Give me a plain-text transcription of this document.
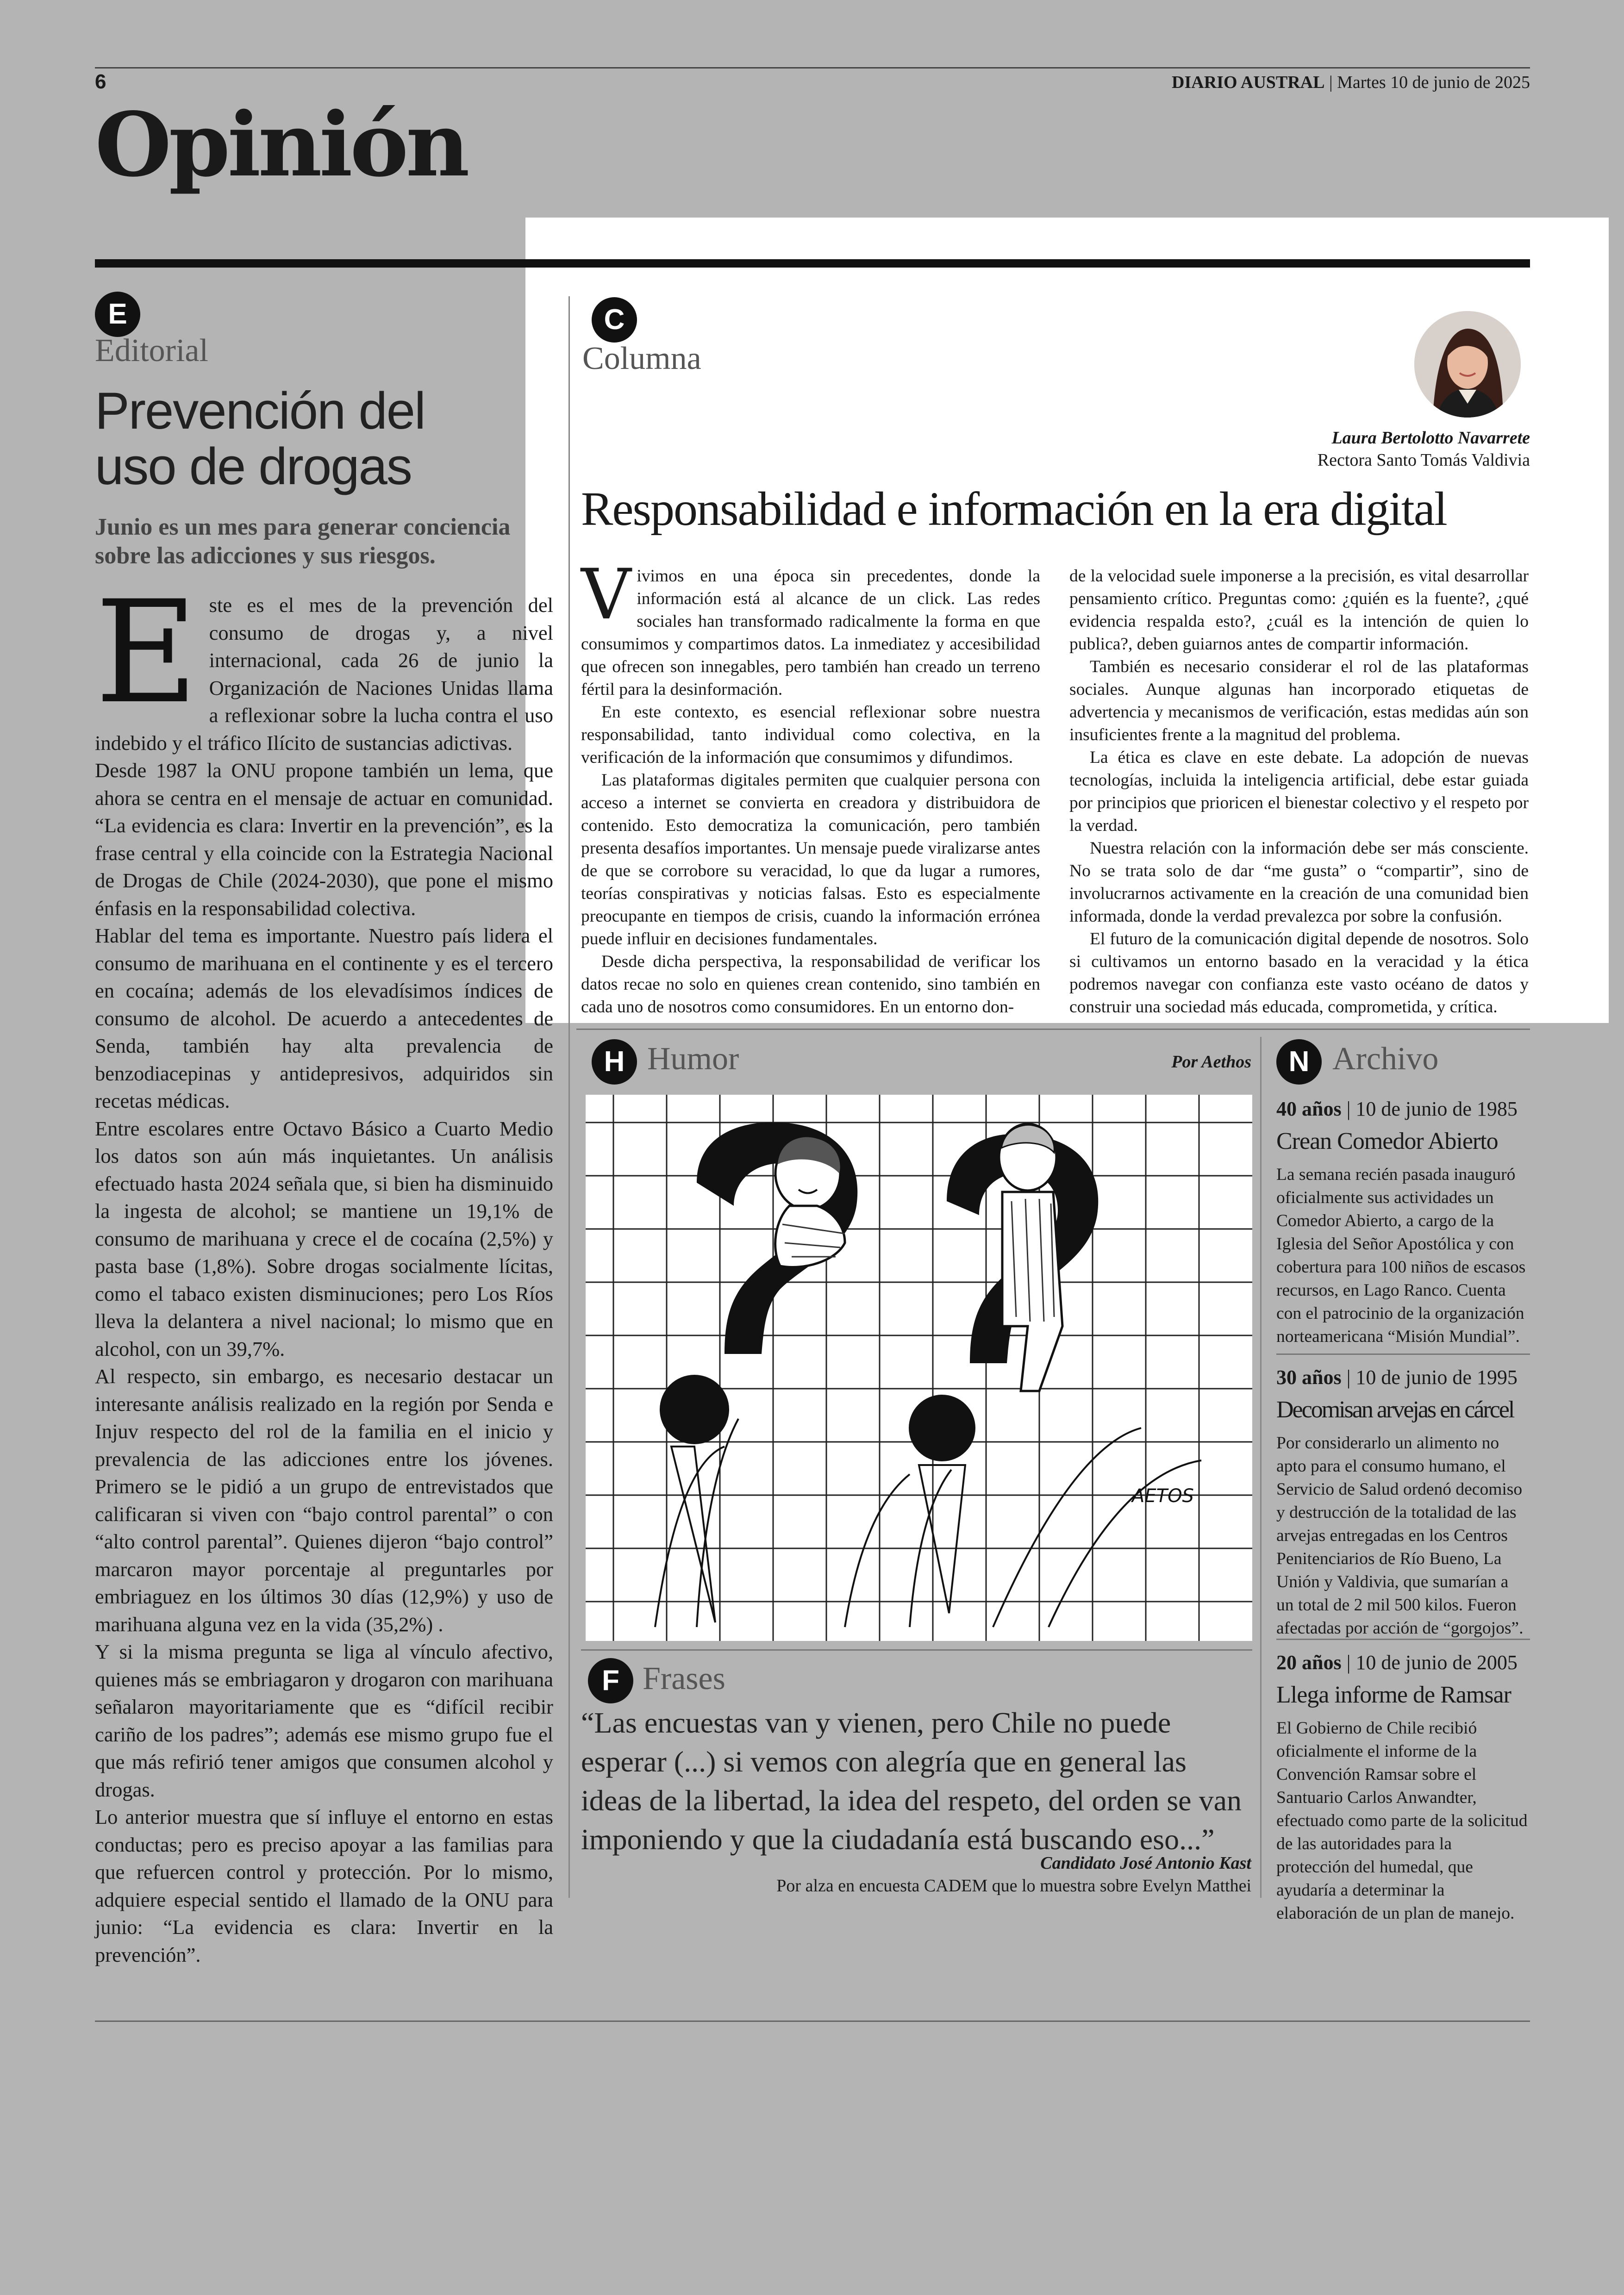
6	DIARIO AUSTRAL | Martes 10 de junio de 2025
Opinión
E
Editorial
Prevención del
uso de drogas
Junio es un mes para generar conciencia sobre las adicciones y sus riesgos.

Este es el mes de la prevención del consumo de drogas y, a nivel internacional, cada 26 de junio la Organización de Naciones Unidas llama a reflexionar sobre la lucha contra el uso indebido y el tráfico Ilícito de sustancias adictivas.

Desde 1987 la ONU propone también un lema, que ahora se centra en el mensaje de actuar en comunidad. “La evidencia es clara: Invertir en la prevención”, es la frase central y ella coincide con la Estrategia Nacional de Drogas de Chile (2024-2030), que pone el mismo énfasis en la responsabilidad colectiva.

Hablar del tema es importante. Nuestro país lidera el consumo de marihuana en el continente y es el tercero en cocaína; además de los elevadísimos índices de consumo de alcohol. De acuerdo a antecedentes de Senda, también hay alta prevalencia de benzodiacepinas y antidepresivos, adquiridos sin recetas médicas.

Entre escolares entre Octavo Básico a Cuarto Medio los datos son aún más inquietantes. Un análisis efectuado hasta 2024 señala que, si bien ha disminuido la ingesta de alcohol; se mantiene un 19,1% de consumo de marihuana y crece el de cocaína (2,5%) y pasta base (1,8%). Sobre drogas socialmente lícitas, como el tabaco existen disminuciones; pero Los Ríos lleva la delantera a nivel nacional; lo mismo que en alcohol, con un 39,7%.

Al respecto, sin embargo, es necesario destacar un interesante análisis realizado en la región por Senda e Injuv respecto del rol de la familia en el inicio y prevalencia de las adicciones entre los jóvenes. Primero se le pidió a un grupo de entrevistados que calificaran si viven con “bajo control parental” o con “alto control parental”. Quienes dijeron “bajo control” marcaron mayor porcentaje al preguntarles por embriaguez en los últimos 30 días (12,9%) y uso de marihuana alguna vez en la vida (35,2%) .

Y si la misma pregunta se liga al vínculo afectivo, quienes más se embriagaron y drogaron con marihuana señalaron mayoritariamente que es “difícil recibir cariño de los padres”; además ese mismo grupo fue el que más refirió tener amigos que consumen alcohol y drogas.

Lo anterior muestra que sí influye el entorno en estas conductas; pero es preciso apoyar a las familias para que refuercen control y protección. Por lo mismo, adquiere especial sentido el llamado de la ONU para junio: “La evidencia es clara: Invertir en la prevención”.

C
Columna
Laura Bertolotto Navarrete
Rectora Santo Tomás Valdivia
Responsabilidad e información en la era digital

Vivimos en una época sin precedentes, donde la información está al alcance de un click. Las redes sociales han transformado radicalmente la forma en que consumimos y compartimos datos. La inmediatez y accesibilidad que ofrecen son innegables, pero también han creado un terreno fértil para la desinformación.

En este contexto, es esencial reflexionar sobre nuestra responsabilidad, tanto individual como colectiva, en la verificación de la información que consumimos y difundimos.

Las plataformas digitales permiten que cualquier persona con acceso a internet se convierta en creadora y distribuidora de contenido. Esto democratiza la comunicación, pero también presenta desafíos importantes. Un mensaje puede viralizarse antes de que se corrobore su veracidad, lo que da lugar a rumores, teorías conspirativas y noticias falsas. Esto es especialmente preocupante en tiempos de crisis, cuando la información errónea puede influir en decisiones fundamentales.

Desde dicha perspectiva, la responsabilidad de verificar los datos recae no solo en quienes crean contenido, sino también en cada uno de nosotros como consumidores. En un entorno don-

de la velocidad suele imponerse a la precisión, es vital desarrollar pensamiento crítico. Preguntas como: ¿quién es la fuente?, ¿qué evidencia respalda esto?, ¿cuál es la intención de quien lo publica?, deben guiarnos antes de compartir información.

También es necesario considerar el rol de las plataformas sociales. Aunque algunas han incorporado etiquetas de advertencia y mecanismos de verificación, estas medidas aún son insuficientes frente a la magnitud del problema.

La ética es clave en este debate. La adopción de nuevas tecnologías, incluida la inteligencia artificial, debe estar guiada por principios que prioricen el bienestar colectivo y el respeto por la verdad.

Nuestra relación con la información debe ser más consciente. No se trata solo de dar “me gusta” o “compartir”, sino de involucrarnos activamente en la creación de una comunidad bien informada, donde la verdad prevalezca por sobre la confusión.

El futuro de la comunicación digital depende de nosotros. Solo si cultivamos un entorno basado en la veracidad y la ética podremos navegar con confianza este vasto océano de datos y construir una sociedad más educada, comprometida, y crítica.

H Humor	Por Aethos
AETOS
F Frases
“Las encuestas van y vienen, pero Chile no puede esperar (...) si vemos con alegría que en general las ideas de la libertad, la idea del respeto, del orden se van imponiendo y que la ciudadanía está buscando eso...”
Candidato José Antonio Kast
Por alza en encuesta CADEM que lo muestra sobre Evelyn Matthei
N Archivo
40 años | 10 de junio de 1985
Crean Comedor Abierto
La semana recién pasada inauguró oficialmente sus actividades un Comedor Abierto, a cargo de la Iglesia del Señor Apostólica y con cobertura para 100 niños de escasos recursos, en Lago Ranco. Cuenta con el patrocinio de la organización norteamericana “Misión Mundial”.
30 años | 10 de junio de 1995
Decomisan arvejas en cárcel
Por considerarlo un alimento no apto para el consumo humano, el Servicio de Salud ordenó decomiso y destrucción de la totalidad de las arvejas entregadas en los Centros Penitenciarios de Río Bueno, La Unión y Valdivia, que sumarían a un total de 2 mil 500 kilos. Fueron afectadas por acción de “gorgojos”.
20 años | 10 de junio de 2005
Llega informe de Ramsar
El Gobierno de Chile recibió oficialmente el informe de la Convención Ramsar sobre el Santuario Carlos Anwandter, efectuado como parte de la solicitud de las autoridades para la protección del humedal, que ayudaría a determinar la elaboración de un plan de manejo.
